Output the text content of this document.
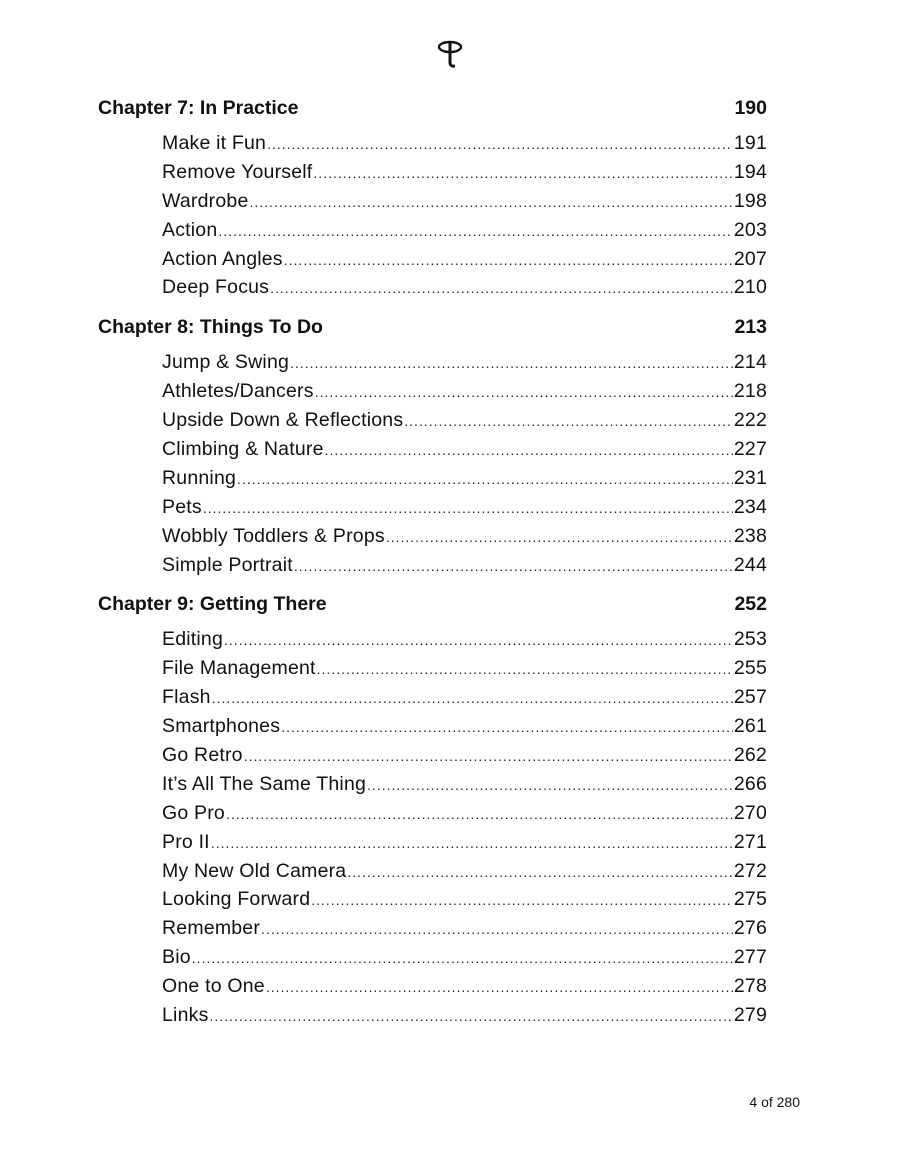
Chapter 7: In Practice	190
Make it Fun .....	191
Remove Yourself .....	194
Wardrobe .....	198
Action .....	203
Action Angles .....	207
Deep Focus .....	210
Chapter 8: Things To Do	213
Jump & Swing .....	214
Athletes/Dancers .....	218
Upside Down & Reflections .....	222
Climbing & Nature .....	227
Running .....	231
Pets .....	234
Wobbly Toddlers & Props .....	238
Simple Portrait .....	244
Chapter 9: Getting There	252
Editing .....	253
File Management .....	255
Flash .....	257
Smartphones .....	261
Go Retro .....	262
It’s All The Same Thing .....	266
Go Pro .....	270
Pro II .....	271
My New Old Camera .....	272
Looking Forward .....	275
Remember .....	276
Bio .....	277
One to One .....	278
Links .....	279
4 of 280
